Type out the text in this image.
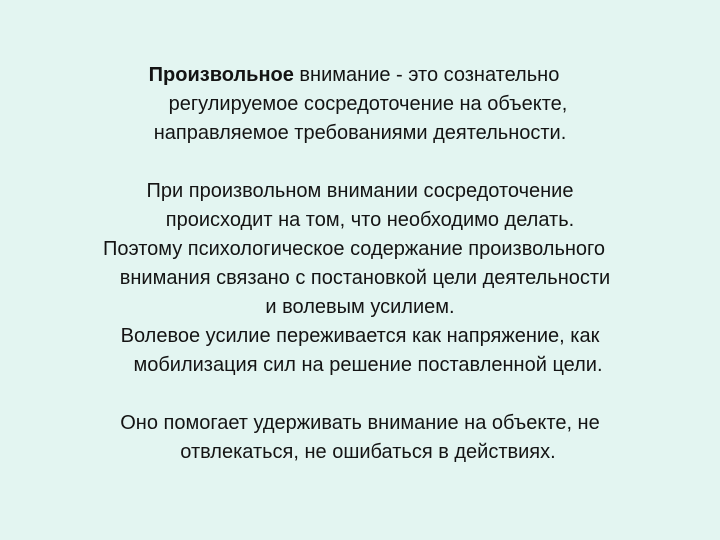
Произвольное внимание - это сознательно
регулируемое сосредоточение на объекте,
направляемое требованиями деятельности.
При произвольном внимании сосредоточение
происходит на том, что необходимо делать.
Поэтому психологическое содержание произвольного
внимания связано с постановкой цели деятельности
и волевым усилием.
Волевое усилие переживается как напряжение, как
мобилизация сил на решение поставленной цели.
Оно помогает удерживать внимание на объекте, не
отвлекаться, не ошибаться в действиях.
